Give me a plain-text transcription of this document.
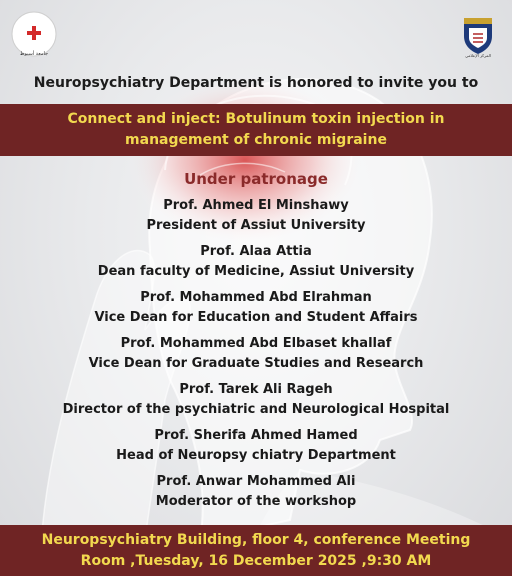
جامعة أسيوط	المركز الإعلامي
Neuropsychiatry Department is honored to invite you to
Connect and inject: Botulinum toxin injection in
management of chronic migraine
Under patronage
Prof. Ahmed El Minshawy
President of Assiut University
Prof. Alaa Attia
Dean faculty of Medicine, Assiut University
Prof. Mohammed Abd Elrahman
Vice Dean for Education and Student Affairs
Prof. Mohammed Abd Elbaset khallaf
Vice Dean for Graduate Studies and Research
Prof. Tarek Ali Rageh
Director of the psychiatric and Neurological Hospital
Prof. Sherifa Ahmed Hamed
Head of Neuropsy chiatry Department
Prof. Anwar Mohammed Ali
Moderator of the workshop
Neuropsychiatry Building, floor 4, conference Meeting
Room ,Tuesday, 16 December 2025 ,9:30 AM
